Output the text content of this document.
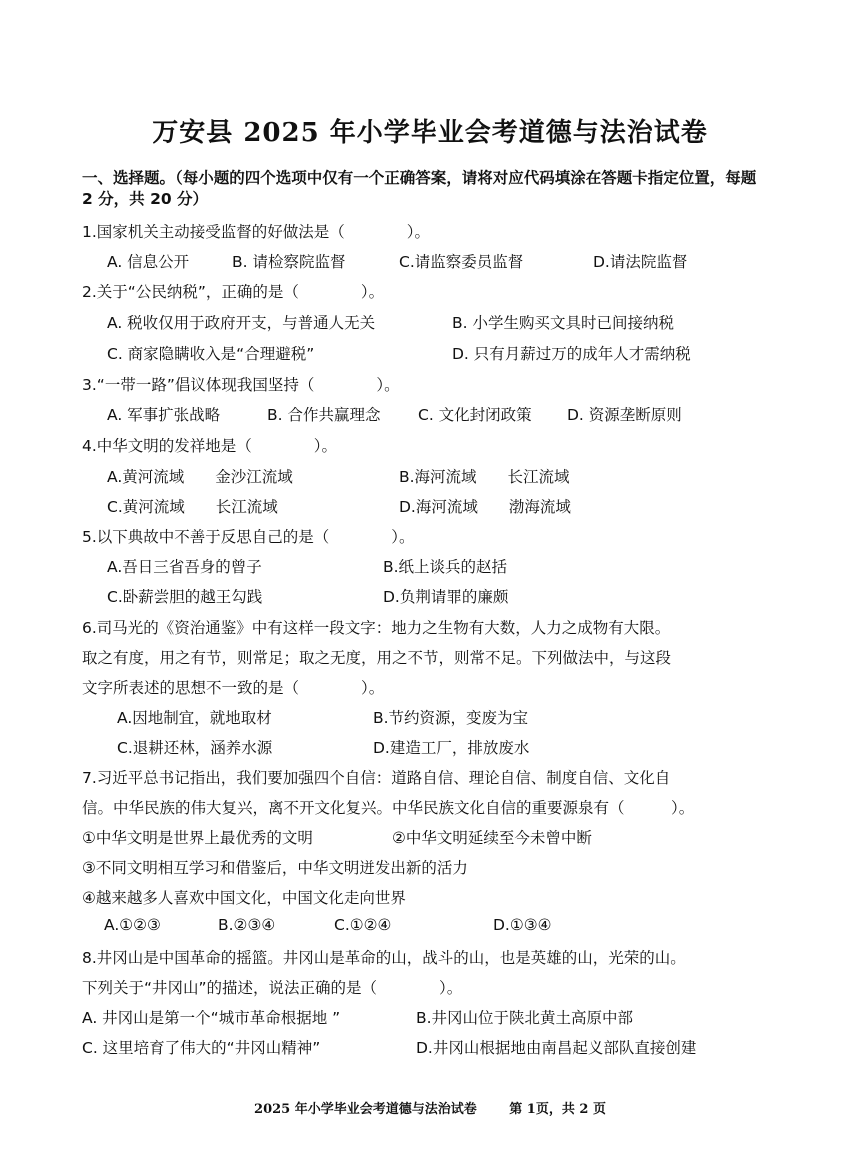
万安县 2025 年小学毕业会考道德与法治试卷
一、选择题。（每小题的四个选项中仅有一个正确答案，请将对应代码填涂在答题卡指定位置，每题 2 分，共 20 分）
1.国家机关主动接受监督的好做法是（　　　　）。
A. 信息公开	B. 请检察院监督	C.请监察委员监督	D.请法院监督
2.关于“公民纳税”，正确的是（　　　　）。
A. 税收仅用于政府开支，与普通人无关	B. 小学生购买文具时已间接纳税
C. 商家隐瞒收入是“合理避税”	D. 只有月薪过万的成年人才需纳税
3.“一带一路”倡议体现我国坚持（　　　　）。
A. 军事扩张战略	B. 合作共赢理念 C. 文化封闭政策 D. 资源垄断原则
4.中华文明的发祥地是（　　　　）。
A.黄河流域　　金沙江流域	B.海河流域　　长江流域
C.黄河流域　　长江流域	D.海河流域　　渤海流域
5.以下典故中不善于反思自己的是（　　　　）。
A.吾日三省吾身的曾子	B.纸上谈兵的赵括
C.卧薪尝胆的越王勾践	D.负荆请罪的廉颇
6.司马光的《资治通鉴》中有这样一段文字：地力之生物有大数，人力之成物有大限。
取之有度，用之有节，则常足；取之无度，用之不节，则常不足。下列做法中，与这段
文字所表述的思想不一致的是（　　　　）。
A.因地制宜，就地取材	B.节约资源，变废为宝
C.退耕还林，涵养水源	D.建造工厂，排放废水
7.习近平总书记指出，我们要加强四个自信：道路自信、理论自信、制度自信、文化自
信。中华民族的伟大复兴，离不开文化复兴。中华民族文化自信的重要源泉有（　　　）。
①中华文明是世界上最优秀的文明	②中华文明延续至今未曾中断
③不同文明相互学习和借鉴后，中华文明迸发出新的活力
④越来越多人喜欢中国文化，中国文化走向世界
A.①②③	B.②③④	C.①②④	D.①③④
8.井冈山是中国革命的摇篮。井冈山是革命的山，战斗的山，也是英雄的山，光荣的山。
下列关于“井冈山”的描述，说法正确的是（　　　　）。
A. 井冈山是第一个“城市革命根据地 ”	B.井冈山位于陕北黄土高原中部
C. 这里培育了伟大的“井冈山精神”	D.井冈山根据地由南昌起义部队直接创建
2025 年小学毕业会考道德与法治试卷	第 1页，共 2 页
